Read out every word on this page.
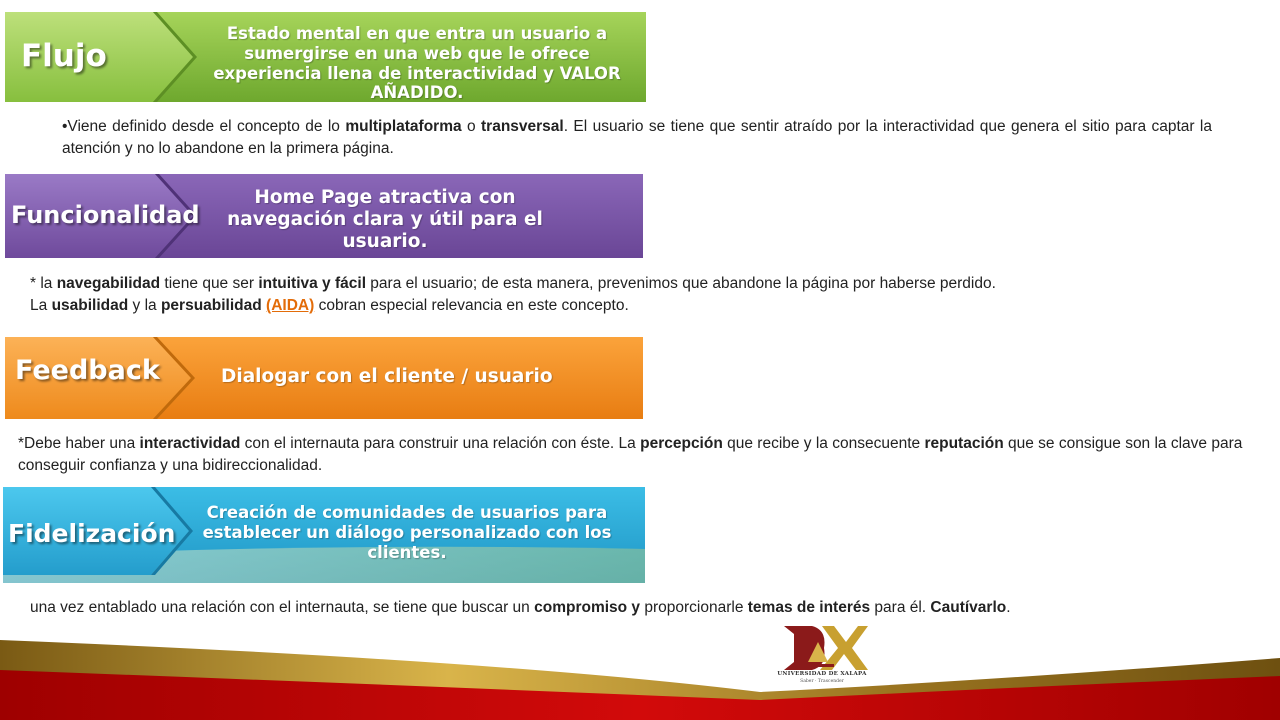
Flujo
Estado mental en que entra un usuario a sumergirse en una web que le ofrece experiencia llena de interactividad y VALOR AÑADIDO.
Funcionalidad
Home Page atractiva con navegación clara y útil para el usuario.
Feedback	Dialogar con el cliente / usuario
Fidelización
Creación de comunidades de usuarios para establecer un diálogo personalizado con los clientes.
•Viene definido desde el concepto de lo multiplataforma o transversal. El usuario se tiene que sentir atraído por la interactividad que genera el sitio para captar la atención y no lo abandone en la primera página.
* la navegabilidad tiene que ser intuitiva y fácil para el usuario; de esta manera, prevenimos que abandone la página por haberse perdido.
La usabilidad y la persuabilidad (AIDA) cobran especial relevancia en este concepto.
*Debe haber una interactividad con el internauta para construir una relación con éste. La percepción que recibe y la consecuente reputación que se consigue son la clave para conseguir confianza y una bidireccionalidad.
una vez entablado una relación con el internauta, se tiene que buscar un compromiso y proporcionarle temas de interés para él. Cautívarlo.
UNIVERSIDAD DE XALAPA
Saber · Trascender
